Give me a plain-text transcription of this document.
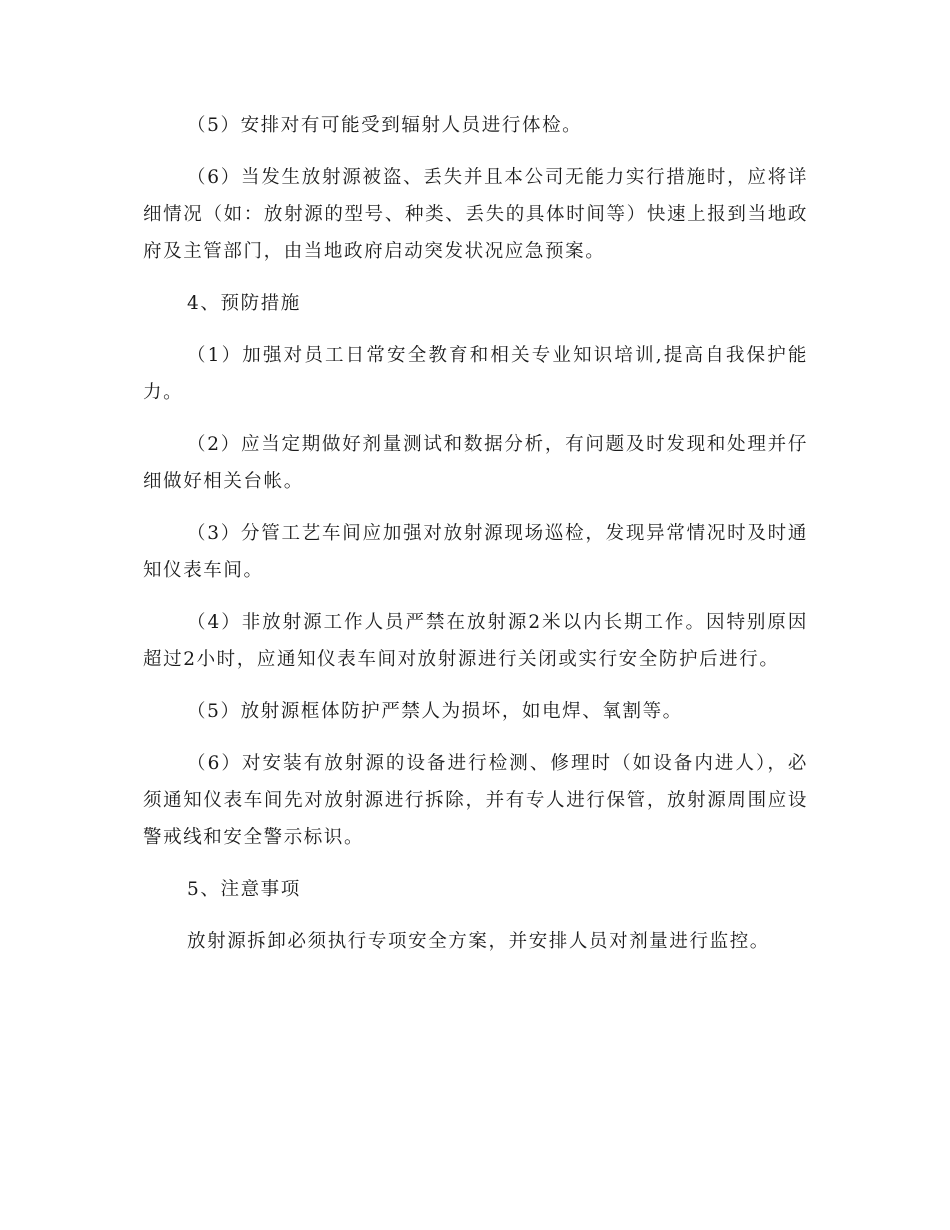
（5）安排对有可能受到辐射人员进行体检。

（6）当发生放射源被盗、丢失并且本公司无能力实行措施时，应将详细情况（如：放射源的型号、种类、丢失的具体时间等）快速上报到当地政府及主管部门，由当地政府启动突发状况应急预案。

4、预防措施

（1）加强对员工日常安全教育和相关专业知识培训,提高自我保护能力。

（2）应当定期做好剂量测试和数据分析，有问题及时发现和处理并仔细做好相关台帐。

（3）分管工艺车间应加强对放射源现场巡检，发现异常情况时及时通知仪表车间。

（4）非放射源工作人员严禁在放射源2米以内长期工作。因特别原因超过2小时，应通知仪表车间对放射源进行关闭或实行安全防护后进行。

（5）放射源框体防护严禁人为损坏，如电焊、氧割等。

（6）对安装有放射源的设备进行检测、修理时（如设备内进人），必须通知仪表车间先对放射源进行拆除，并有专人进行保管，放射源周围应设警戒线和安全警示标识。

5、注意事项

放射源拆卸必须执行专项安全方案，并安排人员对剂量进行监控。
